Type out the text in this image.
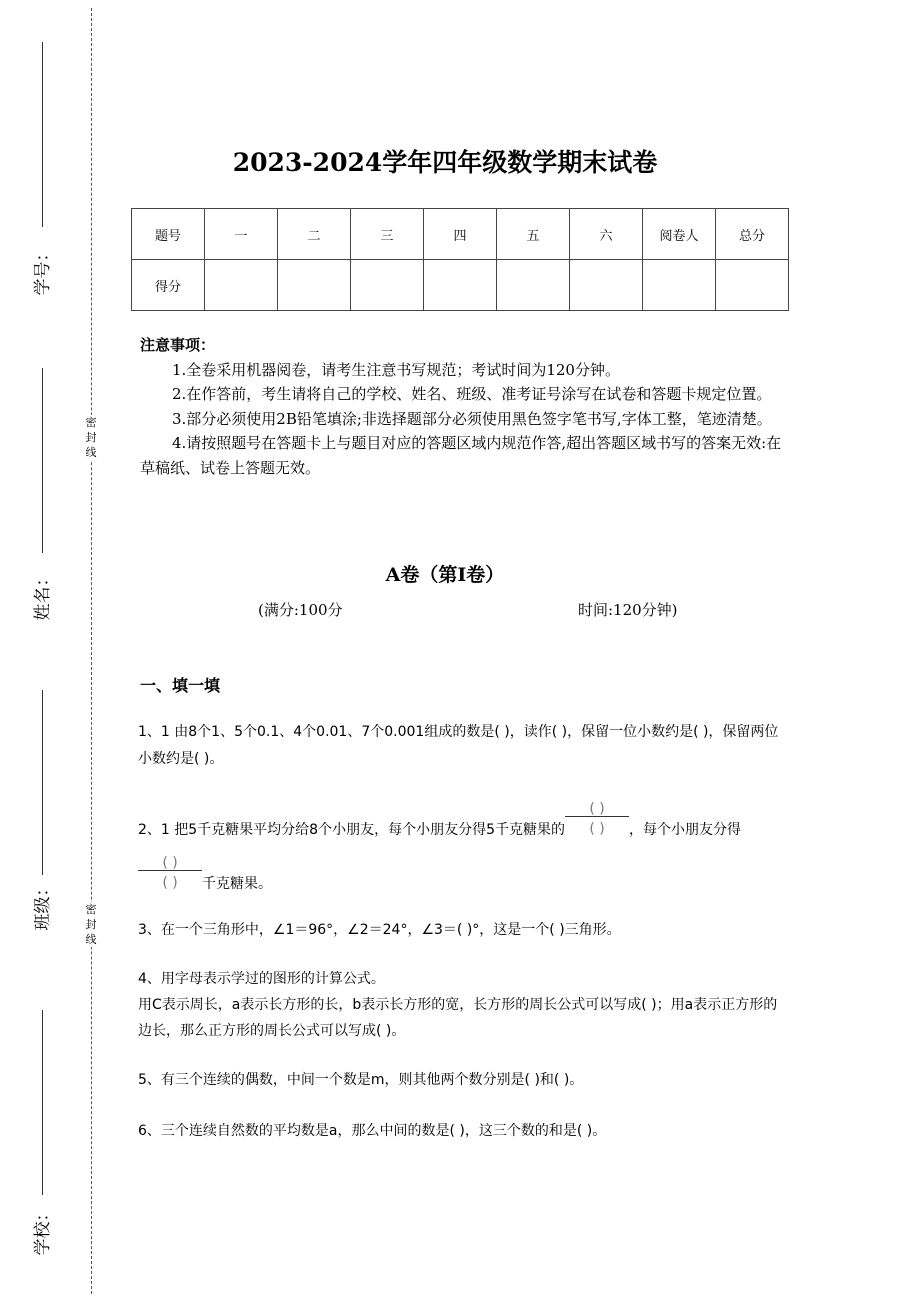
密封线
密封线
学号：
姓名：
班级：
学校：
2023-2024学年四年级数学期末试卷
题号	一	二	三	四	五	六	阅卷人	总分
得分								
注意事项：

1.全卷采用机器阅卷，请考生注意书写规范；考试时间为120分钟。

2.在作答前，考生请将自己的学校、姓名、班级、准考证号涂写在试卷和答题卡规定位置。

3.部分必须使用2B铅笔填涂;非选择题部分必须使用黑色签字笔书写,字体工整，笔迹清楚。

4.请按照题号在答题卡上与题目对应的答题区域内规范作答,超出答题区域书写的答案无效:在草稿纸、试卷上答题无效。

A卷（第I卷）
(满分:100分	时间:120分钟)
一、填一填
1、1 由8个1、5个0.1、4个0.01、7个0.001组成的数是( )，读作( )，保留一位小数约是( )，保留两位小数约是( )。
2、1 把5千克糖果平均分给8个小朋友，每个小朋友分得5千克糖果的
( )
( )	，每个小朋友分得

( )
( )	千克糖果。
3、在一个三角形中，∠1＝96°，∠2＝24°，∠3＝( )°，这是一个( )三角形。
4、用字母表示学过的图形的计算公式。
用C表示周长，a表示长方形的长，b表示长方形的宽，长方形的周长公式可以写成( )；用a表示正方形的边长，那么正方形的周长公式可以写成( )。
5、有三个连续的偶数，中间一个数是m，则其他两个数分别是( )和( )。
6、三个连续自然数的平均数是a，那么中间的数是( )，这三个数的和是( )。
